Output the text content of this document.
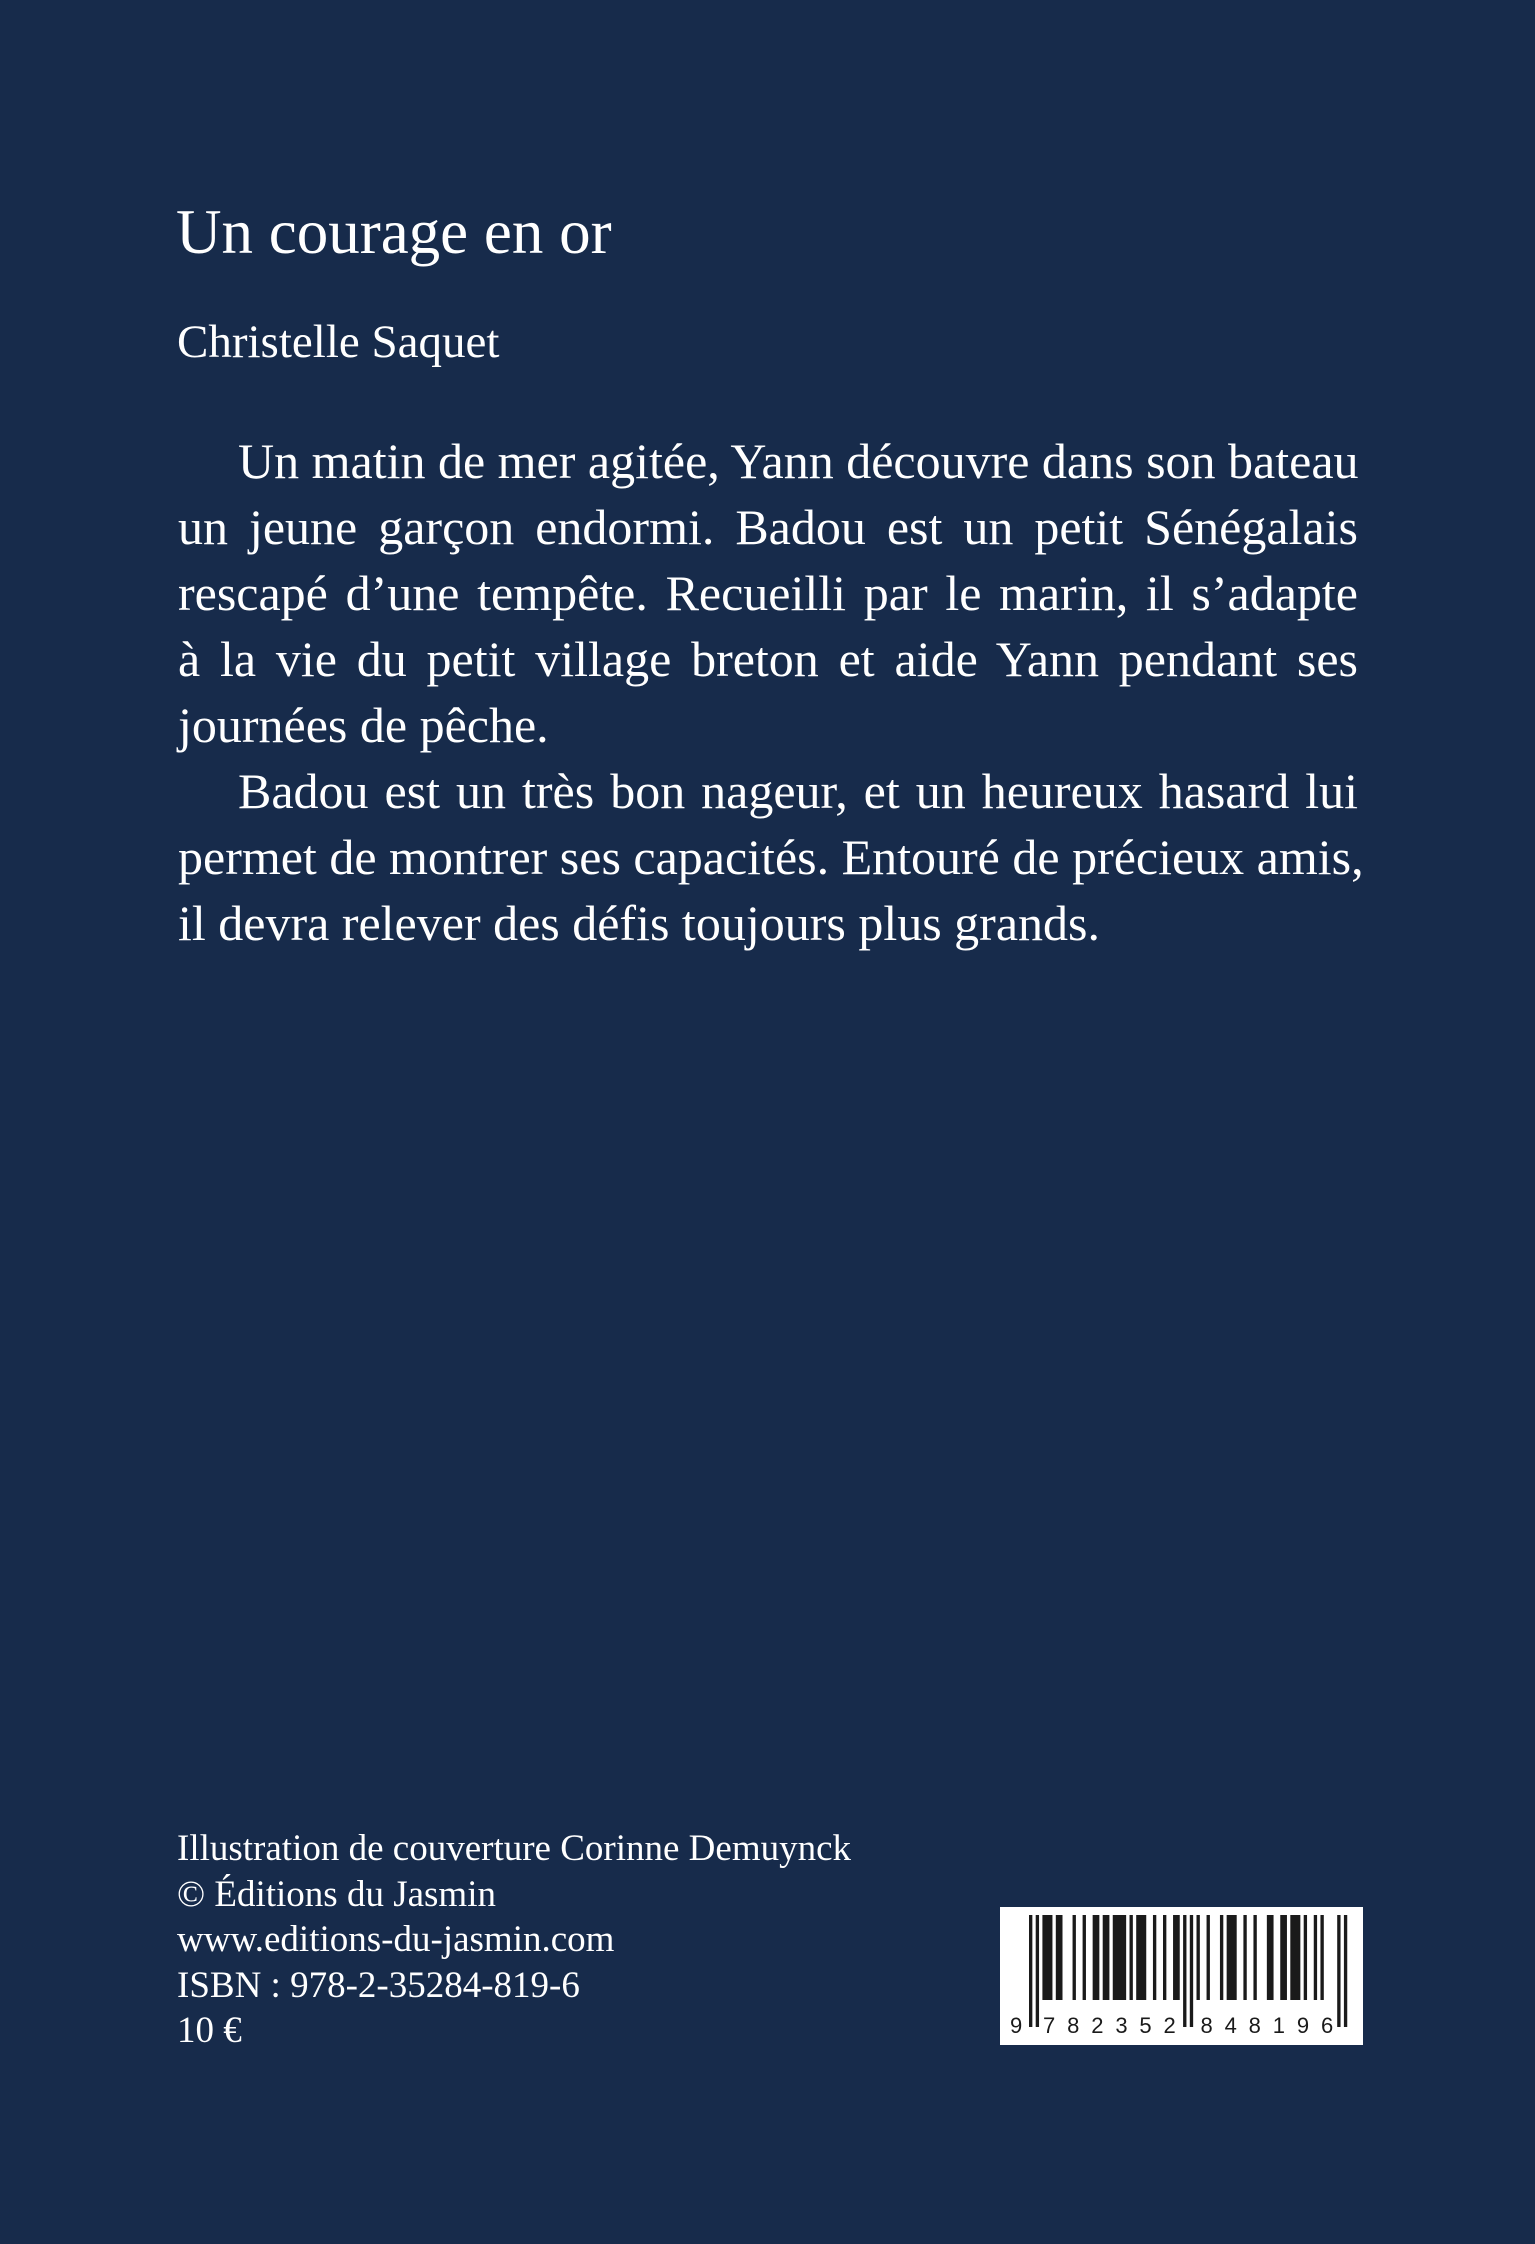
Un courage en or
Christelle Saquet
Un matin de mer agitée, Yann découvre dans son bateau
un jeune garçon endormi. Badou est un petit Sénégalais
rescapé d’une tempête. Recueilli par le marin, il s’adapte
à la vie du petit village breton et aide Yann pendant ses
journées de pêche.
Badou est un très bon nageur, et un heureux hasard lui
permet de montrer ses capacités. Entouré de précieux amis,
il devra relever des défis toujours plus grands.
Illustration de couverture Corinne Demuynck
© Éditions du Jasmin
www.editions-du-jasmin.com
ISBN : 978-2-35284-819-6
10 €	9 7 8 2 3 5 2 8 4 8 1 9 6
